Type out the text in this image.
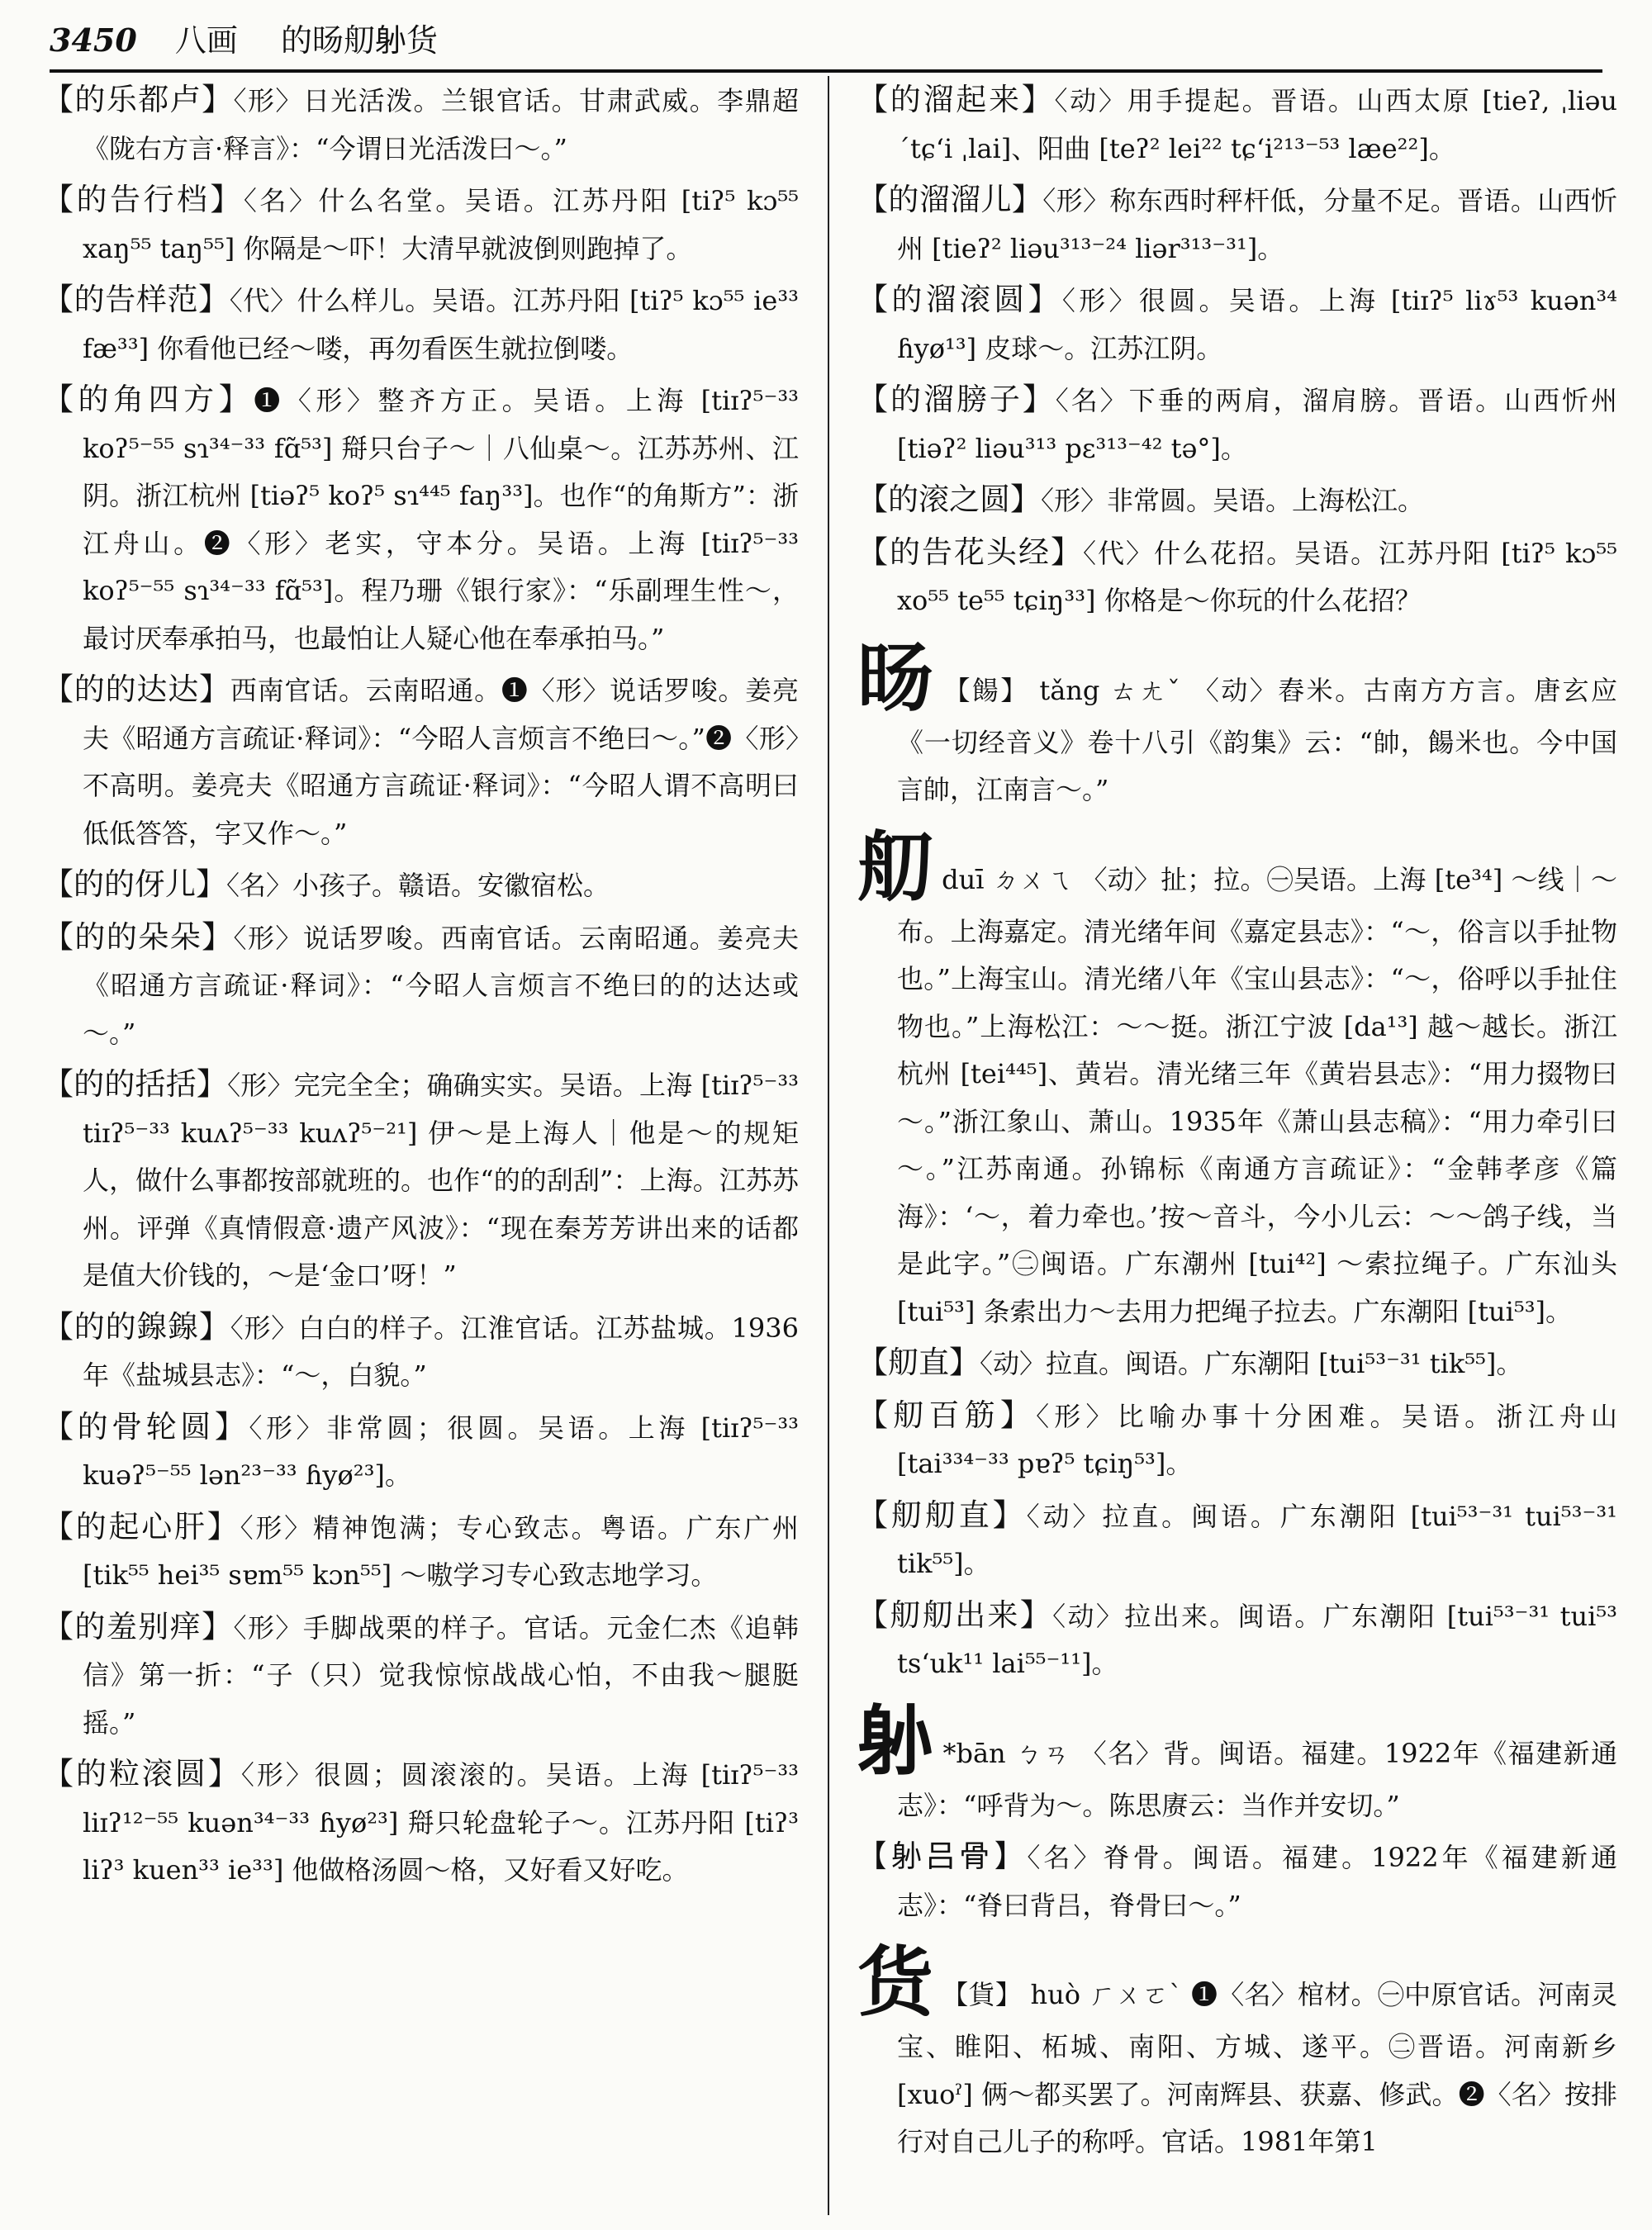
3450 八画 的旸舠𨈓货

【的乐都卢】〈形〉日光活泼。兰银官话。甘肃武威。李鼎超《陇右方言·释言》：“今谓日光活泼曰～。”

【的告行档】〈名〉什么名堂。吴语。江苏丹阳 [tiʔ⁵ kɔ⁵⁵ xaŋ⁵⁵ taŋ⁵⁵] 你隔是～吓！大清早就波倒则跑掉了。

【的告样范】〈代〉什么样儿。吴语。江苏丹阳 [tiʔ⁵ kɔ⁵⁵ ie³³ fæ³³] 你看他已经～喽，再勿看医生就拉倒喽。

【的角四方】❶〈形〉整齐方正。吴语。上海 [tiɪʔ⁵⁻³³ koʔ⁵⁻⁵⁵ sɿ³⁴⁻³³ fɑ̃⁵³] 搿只台子～｜八仙桌～。江苏苏州、江阴。浙江杭州 [tiəʔ⁵ koʔ⁵ sɿ⁴⁴⁵ faŋ³³]。也作“的角斯方”：浙江舟山。❷〈形〉老实，守本分。吴语。上海 [tiɪʔ⁵⁻³³ koʔ⁵⁻⁵⁵ sɿ³⁴⁻³³ fɑ̃⁵³]。程乃珊《银行家》：“乐副理生性～，最讨厌奉承拍马，也最怕让人疑心他在奉承拍马。”

【的的达达】西南官话。云南昭通。❶〈形〉说话罗唆。姜亮夫《昭通方言疏证·释词》：“今昭人言烦言不绝曰～。”❷〈形〉不高明。姜亮夫《昭通方言疏证·释词》：“今昭人谓不高明曰低低答答，字又作～。”

【的的伢儿】〈名〉小孩子。赣语。安徽宿松。

【的的朵朵】〈形〉说话罗唆。西南官话。云南昭通。姜亮夫《昭通方言疏证·释词》：“今昭人言烦言不绝曰的的达达或～。”

【的的括括】〈形〉完完全全；确确实实。吴语。上海 [tiɪʔ⁵⁻³³ tiɪʔ⁵⁻³³ kuʌʔ⁵⁻³³ kuʌʔ⁵⁻²¹] 伊～是上海人｜他是～的规矩人，做什么事都按部就班的。也作“的的刮刮”：上海。江苏苏州。评弹《真情假意·遗产风波》：“现在秦芳芳讲出来的话都是值大价钱的，～是‘金口’呀！”

【的的䤼䤼】〈形〉白白的样子。江淮官话。江苏盐城。1936年《盐城县志》：“～，白貌。”

【的骨轮圆】〈形〉非常圆；很圆。吴语。上海 [tiɪʔ⁵⁻³³ kuəʔ⁵⁻⁵⁵ lən²³⁻³³ ɦyø²³]。

【的起心肝】〈形〉精神饱满；专心致志。粤语。广东广州 [tik⁵⁵ hei³⁵ sɐm⁵⁵ kɔn⁵⁵] ～嗷学习专心致志地学习。

【的羞别痒】〈形〉手脚战栗的样子。官话。元金仁杰《追韩信》第一折：“子（只）觉我惊惊战战心怕，不由我～腿脡摇。”

【的粒滚圆】〈形〉很圆；圆滚滚的。吴语。上海 [tiɪʔ⁵⁻³³ liɪʔ¹²⁻⁵⁵ kuən³⁴⁻³³ ɦyø²³] 搿只轮盘轮子～。江苏丹阳 [tiʔ³ liʔ³ kuen³³ ie³³] 他做格汤圆～格，又好看又好吃。

【的溜起来】〈动〉用手提起。晋语。山西太原 [tieʔ, ˌliəu ˊtɕʻi ˌlai]、阳曲 [teʔ² lei²² tɕʻi²¹³⁻⁵³ læe²²]。

【的溜溜儿】〈形〉称东西时秤杆低，分量不足。晋语。山西忻州 [tieʔ² liəu³¹³⁻²⁴ liər³¹³⁻³¹]。

【的溜滚圆】〈形〉很圆。吴语。上海 [tiɪʔ⁵ liɤ⁵³ kuən³⁴ ɦyø¹³] 皮球～。江苏江阴。

【的溜膀子】〈名〉下垂的两肩，溜肩膀。晋语。山西忻州 [tiəʔ² liəu³¹³ pɛ³¹³⁻⁴² tə°]。

【的滚之圆】〈形〉非常圆。吴语。上海松江。

【的告花头经】〈代〉什么花招。吴语。江苏丹阳 [tiʔ⁵ kɔ⁵⁵ xo⁵⁵ te⁵⁵ tɕiŋ³³] 你格是～你玩的什么花招？

旸 【餳】 tǎng ㄊㄤˇ 〈动〉舂米。古南方方言。唐玄应《一切经音义》卷十八引《韵集》云：“帥，餳米也。今中国言帥，江南言～。”

舠duī ㄉㄨㄟ 〈动〉扯；拉。㊀吴语。上海 [te³⁴] ～线｜～布。上海嘉定。清光绪年间《嘉定县志》：“～，俗言以手扯物也。”上海宝山。清光绪八年《宝山县志》：“～，俗呼以手扯住物也。”上海松江：～～挺。浙江宁波 [da¹³] 越～越长。浙江杭州 [tei⁴⁴⁵]、黄岩。清光绪三年《黄岩县志》：“用力掇物曰～。”浙江象山、萧山。1935年《萧山县志稿》：“用力牵引曰～。”江苏南通。孙锦标《南通方言疏证》：“金韩孝彦《篇海》：‘～，着力牵也。’按～音斗，今小儿云：～～鸽子线，当是此字。”㊁闽语。广东潮州 [tui⁴²] ～索拉绳子。广东汕头 [tui⁵³] 条索出力～去用力把绳子拉去。广东潮阳 [tui⁵³]。

【舠直】〈动〉拉直。闽语。广东潮阳 [tui⁵³⁻³¹ tik⁵⁵]。

【舠百筋】〈形〉比喻办事十分困难。吴语。浙江舟山 [tai³³⁴⁻³³ pɐʔ⁵ tɕiŋ⁵³]。

【舠舠直】〈动〉拉直。闽语。广东潮阳 [tui⁵³⁻³¹ tui⁵³⁻³¹ tik⁵⁵]。

【舠舠出来】〈动〉拉出来。闽语。广东潮阳 [tui⁵³⁻³¹ tui⁵³ tsʻuk¹¹ lai⁵⁵⁻¹¹]。

𨈓 *bān ㄅㄢ 〈名〉背。闽语。福建。1922年《福建新通志》：“呼背为～。陈思赓云：当作并安切。”

【𨈓吕骨】〈名〉脊骨。闽语。福建。1922年《福建新通志》：“脊曰背吕，脊骨曰～。”

货 【貨】 huò ㄏㄨㄛˋ ❶〈名〉棺材。㊀中原官话。河南灵宝、睢阳、柘城、南阳、方城、遂平。㊁晋语。河南新乡 [xuoˀ] 俩～都买罢了。河南辉县、获嘉、修武。❷〈名〉按排行对自己儿子的称呼。官话。1981年第1
